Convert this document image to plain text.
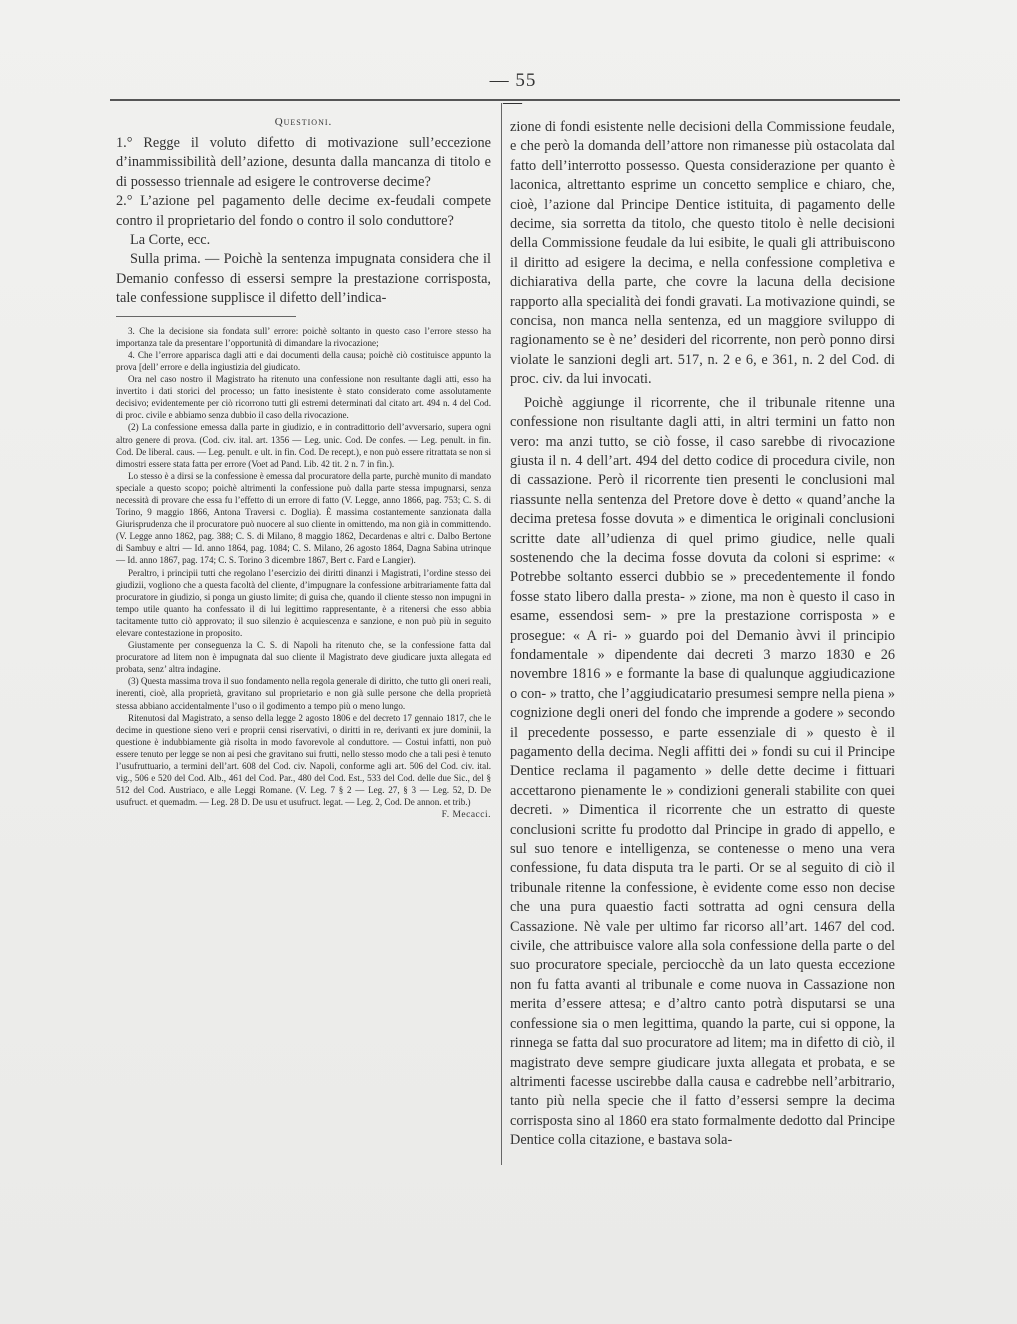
— 55 —
Questioni.

1.° Regge il voluto difetto di motivazione sull’eccezione d’inammissibilità dell’azione, desunta dalla mancanza di titolo e di possesso triennale ad esigere le controverse decime?

2.° L’azione pel pagamento delle decime ex-feudali compete contro il proprietario del fondo o contro il solo conduttore?

La Corte, ecc.

Sulla prima. — Poichè la sentenza impugnata considera che il Demanio confesso di essersi sempre la prestazione corrisposta, tale confessione supplisce il difetto dell’indica-

3. Che la decisione sia fondata sull’ errore: poichè soltanto in questo caso l’errore stesso ha importanza tale da presentare l’opportunità di dimandare la rivocazione;

4. Che l’errore apparisca dagli atti e dai documenti della causa; poichè ciò costituisce appunto la prova [dell’ errore e della ingiustizia del giudicato.

Ora nel caso nostro il Magistrato ha ritenuto una confessione non resultante dagli atti, esso ha invertito i dati storici del processo; un fatto inesistente è stato considerato come assolutamente decisivo; evidentemente per ciò ricorrono tutti gli estremi determinati dal citato art. 494 n. 4 del Cod. di proc. civile e abbiamo senza dubbio il caso della rivocazione.

(2) La confessione emessa dalla parte in giudizio, e in contradittorio dell’avversario, supera ogni altro genere di prova. (Cod. civ. ital. art. 1356 — Leg. unic. Cod. De confes. — Leg. penult. in fin. Cod. De liberal. caus. — Leg. penult. e ult. in fin. Cod. De recept.), e non può essere ritrattata se non si dimostri essere stata fatta per errore (Voet ad Pand. Lib. 42 tit. 2 n. 7 in fin.).

Lo stesso è a dirsi se la confessione è emessa dal procuratore della parte, purchè munito di mandato speciale a questo scopo; poichè altrimenti la confessione può dalla parte stessa impugnarsi, senza necessità di provare che essa fu l’effetto di un errore di fatto (V. Legge, anno 1866, pag. 753; C. S. di Torino, 9 maggio 1866, Antona Traversi c. Doglia). È massima costantemente sanzionata dalla Giurisprudenza che il procuratore può nuocere al suo cliente in omittendo, ma non già in committendo. (V. Legge anno 1862, pag. 388; C. S. di Milano, 8 maggio 1862, Decardenas e altri c. Dalbo Bertone di Sambuy e altri — Id. anno 1864, pag. 1084; C. S. Milano, 26 agosto 1864, Dagna Sabina utrinque — Id. anno 1867, pag. 174; C. S. Torino 3 dicembre 1867, Bert c. Fard e Langier).

Peraltro, i principii tutti che regolano l’esercizio dei diritti dinanzi i Magistrati, l’ordine stesso dei giudizii, vogliono che a questa facoltà del cliente, d’impugnare la confessione arbitrariamente fatta dal procuratore in giudizio, si ponga un giusto limite; di guisa che, quando il cliente stesso non impugni in tempo utile quanto ha confessato il di lui legittimo rappresentante, è a ritenersi che esso abbia tacitamente tutto ciò approvato; il suo silenzio è acquiescenza e sanzione, e non può più in seguito elevare contestazione in proposito.

Giustamente per conseguenza la C. S. di Napoli ha ritenuto che, se la confessione fatta dal procuratore ad litem non è impugnata dal suo cliente il Magistrato deve giudicare juxta allegata ed probata, senz’ altra indagine.

(3) Questa massima trova il suo fondamento nella regola generale di diritto, che tutto gli oneri reali, inerenti, cioè, alla proprietà, gravitano sul proprietario e non già sulle persone che della proprietà stessa abbiano accidentalmente l’uso o il godimento a tempo più o meno lungo.

Ritenutosi dal Magistrato, a senso della legge 2 agosto 1806 e del decreto 17 gennaio 1817, che le decime in questione sieno veri e proprii censi riservativi, o diritti in re, derivanti ex jure dominii, la questione è indubbiamente già risolta in modo favorevole al conduttore. — Costui infatti, non può essere tenuto per legge se non ai pesi che gravitano sui frutti, nello stesso modo che a tali pesi è tenuto l’usufruttuario, a termini dell’art. 608 del Cod. civ. Napoli, conforme agli art. 506 del Cod. civ. ital. vig., 506 e 520 del Cod. Alb., 461 del Cod. Par., 480 del Cod. Est., 533 del Cod. delle due Sic., del § 512 del Cod. Austriaco, e alle Leggi Romane. (V. Leg. 7 § 2 — Leg. 27, § 3 — Leg. 52, D. De usufruct. et quemadm. — Leg. 28 D. De usu et usufruct. legat. — Leg. 2, Cod. De annon. et trib.)

F. Mecacci.

zione di fondi esistente nelle decisioni della Commissione feudale, e che però la domanda dell’attore non rimanesse più ostacolata dal fatto dell’interrotto possesso. Questa considerazione per quanto è laconica, altrettanto esprime un concetto semplice e chiaro, che, cioè, l’azione dal Principe Dentice istituita, di pagamento delle decime, sia sorretta da titolo, che questo titolo è nelle decisioni della Commissione feudale da lui esibite, le quali gli attribuiscono il diritto ad esigere la decima, e nella confessione completiva e dichiarativa della parte, che covre la lacuna della decisione rapporto alla specialità dei fondi gravati. La motivazione quindi, se concisa, non manca nella sentenza, ed un maggiore sviluppo di ragionamento se è ne’ desideri del ricorrente, non però ponno dirsi violate le sanzioni degli art. 517, n. 2 e 6, e 361, n. 2 del Cod. di proc. civ. da lui invocati.

Poichè aggiunge il ricorrente, che il tribunale ritenne una confessione non risultante dagli atti, in altri termini un fatto non vero: ma anzi tutto, se ciò fosse, il caso sarebbe di rivocazione giusta il n. 4 dell’art. 494 del detto codice di procedura civile, non di cassazione. Però il ricorrente tien presenti le conclusioni mal riassunte nella sentenza del Pretore dove è detto « quand’anche la decima pretesa fosse dovuta » e dimentica le originali conclusioni scritte date all’udienza di quel primo giudice, nelle quali sostenendo che la decima fosse dovuta da coloni si esprime: « Potrebbe soltanto esserci dubbio se » precedentemente il fondo fosse stato libero dalla presta- » zione, ma non è questo il caso in esame, essendosi sem- » pre la prestazione corrisposta » e prosegue: « A ri- » guardo poi del Demanio àvvi il principio fondamentale » dipendente dai decreti 3 marzo 1830 e 26 novembre 1816 » e formante la base di qualunque aggiudicazione o con- » tratto, che l’aggiudicatario presumesi sempre nella piena » cognizione degli oneri del fondo che imprende a godere » secondo il precedente possesso, e parte essenziale di » questo è il pagamento della decima. Negli affitti dei » fondi su cui il Principe Dentice reclama il pagamento » delle dette decime i fittuari accettarono pienamente le » condizioni generali stabilite con quei decreti. » Dimentica il ricorrente che un estratto di queste conclusioni scritte fu prodotto dal Principe in grado di appello, e sul suo tenore e intelligenza, se contenesse o meno una vera confessione, fu data disputa tra le parti. Or se al seguito di ciò il tribunale ritenne la confessione, è evidente come esso non decise che una pura quaestio facti sottratta ad ogni censura della Cassazione. Nè vale per ultimo far ricorso all’art. 1467 del cod. civile, che attribuisce valore alla sola confessione della parte o del suo procuratore speciale, perciocchè da un lato questa eccezione non fu fatta avanti al tribunale e come nuova in Cassazione non merita d’essere attesa; e d’altro canto potrà disputarsi se una confessione sia o men legittima, quando la parte, cui si oppone, la rinnega se fatta dal suo procuratore ad litem; ma in difetto di ciò, il magistrato deve sempre giudicare juxta allegata et probata, e se altrimenti facesse uscirebbe dalla causa e cadrebbe nell’arbitrario, tanto più nella specie che il fatto d’essersi sempre la decima corrisposta sino al 1860 era stato formalmente dedotto dal Principe Dentice colla citazione, e bastava sola-
